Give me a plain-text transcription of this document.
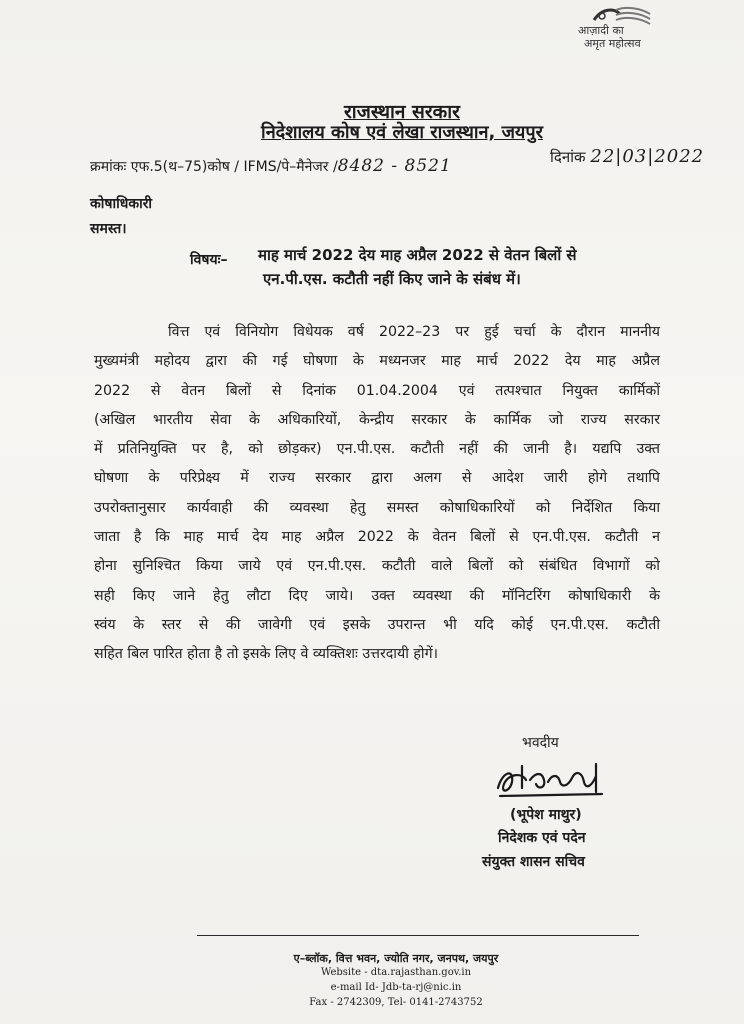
आज़ादी का
अमृत महोत्सव
राजस्थान सरकार
निदेशालय कोष एवं लेखा राजस्थान, जयपुर
क्रमांकः एफ.5(थ–75)कोष / IFMS/पे–मैनेजर /8482 - 8521	दिनांक 22|03|2022
कोषाधिकारी
समस्त।
विषयः– माह मार्च 2022 देय माह अप्रैल 2022 से वेतन बिलों से
एन.पी.एस. कटौती नहीं किए जाने के संबंध में।
वित्त एवं विनियोग विधेयक वर्ष 2022–23 पर हुई चर्चा के दौरान माननीय
मुख्यमंत्री महोदय द्वारा की गई घोषणा के मध्यनजर माह मार्च 2022 देय माह अप्रैल
2022 से वेतन बिलों से दिनांक 01.04.2004 एवं तत्पश्चात नियुक्त कार्मिकों
(अखिल भारतीय सेवा के अधिकारियों, केन्द्रीय सरकार के कार्मिक जो राज्य सरकार
में प्रतिनियुक्ति पर है, को छोड़कर) एन.पी.एस. कटौती नहीं की जानी है। यद्यपि उक्त
घोषणा के परिप्रेक्ष्य में राज्य सरकार द्वारा अलग से आदेश जारी होगे तथापि
उपरोक्तानुसार कार्यवाही की व्यवस्था हेतु समस्त कोषाधिकारियों को निर्देशित किया
जाता है कि माह मार्च देय माह अप्रैल 2022 के वेतन बिलों से एन.पी.एस. कटौती न
होना सुनिश्चित किया जाये एवं एन.पी.एस. कटौती वाले बिलों को संबंधित विभागों को
सही किए जाने हेतु लौटा दिए जाये। उक्त व्यवस्था की मॉनिटरिंग कोषाधिकारी के
स्वंय के स्तर से की जावेगी एवं इसके उपरान्त भी यदि कोई एन.पी.एस. कटौती
सहित बिल पारित होता है तो इसके लिए वे व्यक्तिशः उत्तरदायी होगें।
भवदीय
(भूपेश माथुर)
निदेशक एवं पदेन
संयुक्त शासन सचिव
ए–ब्लॉक, वित्त भवन, ज्योति नगर, जनपथ, जयपुर
Website - dta.rajasthan.gov.in
e-mail Id- Jdb-ta-rj@nic.in
Fax - 2742309, Tel- 0141-2743752
